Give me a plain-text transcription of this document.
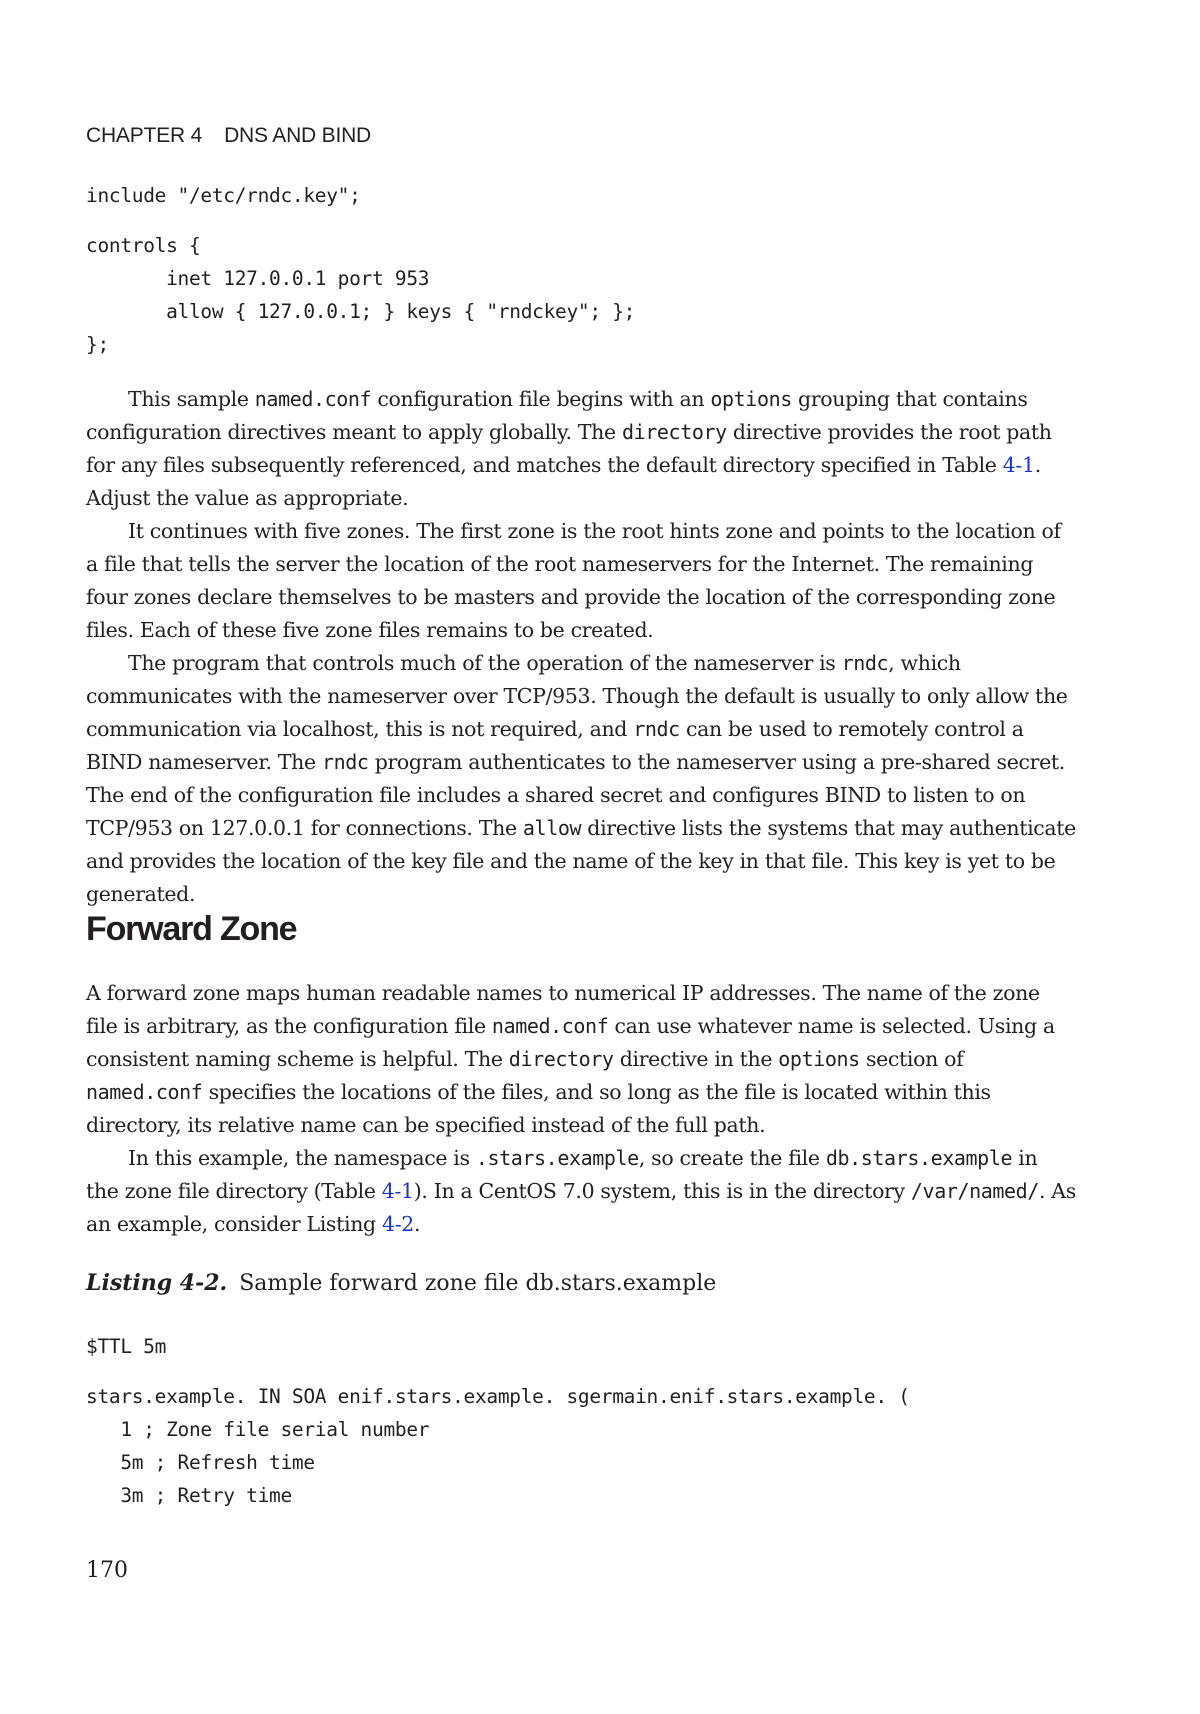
CHAPTER 4 DNS AND BIND
include "/etc/rndc.key";
controls {
inet 127.0.0.1 port 953
allow { 127.0.0.1; } keys { "rndckey"; };
};

This sample named.conf configuration file begins with an options grouping that contains configuration directives meant to apply globally. The directory directive provides the root path for any files subsequently referenced, and matches the default directory specified in Table 4-1. Adjust the value as appropriate.

It continues with five zones. The first zone is the root hints zone and points to the location of a file that tells the server the location of the root nameservers for the Internet. The remaining four zones declare themselves to be masters and provide the location of the corresponding zone files. Each of these five zone files remains to be created.

The program that controls much of the operation of the nameserver is rndc, which communicates with the nameserver over TCP/953. Though the default is usually to only allow the communication via localhost, this is not required, and rndc can be used to remotely control a BIND nameserver. The rndc program authenticates to the nameserver using a pre-shared secret. The end of the configuration file includes a shared secret and configures BIND to listen to on TCP/953 on 127.0.0.1 for connections. The allow directive lists the systems that may authenticate and provides the location of the key file and the name of the key in that file. This key is yet to be generated.

Forward Zone

A forward zone maps human readable names to numerical IP addresses. The name of the zone file is arbitrary, as the configuration file named.conf can use whatever name is selected. Using a consistent naming scheme is helpful. The directory directive in the options section of named.conf specifies the locations of the files, and so long as the file is located within this directory, its relative name can be specified instead of the full path.

In this example, the namespace is .stars.example, so create the file db.stars.example in the zone file directory (Table 4-1). In a CentOS 7.0 system, this is in the directory /var/named/. As an example, consider Listing 4-2.

Listing 4-2. Sample forward zone file db.stars.example
$TTL 5m
stars.example. IN SOA enif.stars.example. sgermain.enif.stars.example. (
1 ; Zone file serial number
5m ; Refresh time
3m ; Retry time
170
